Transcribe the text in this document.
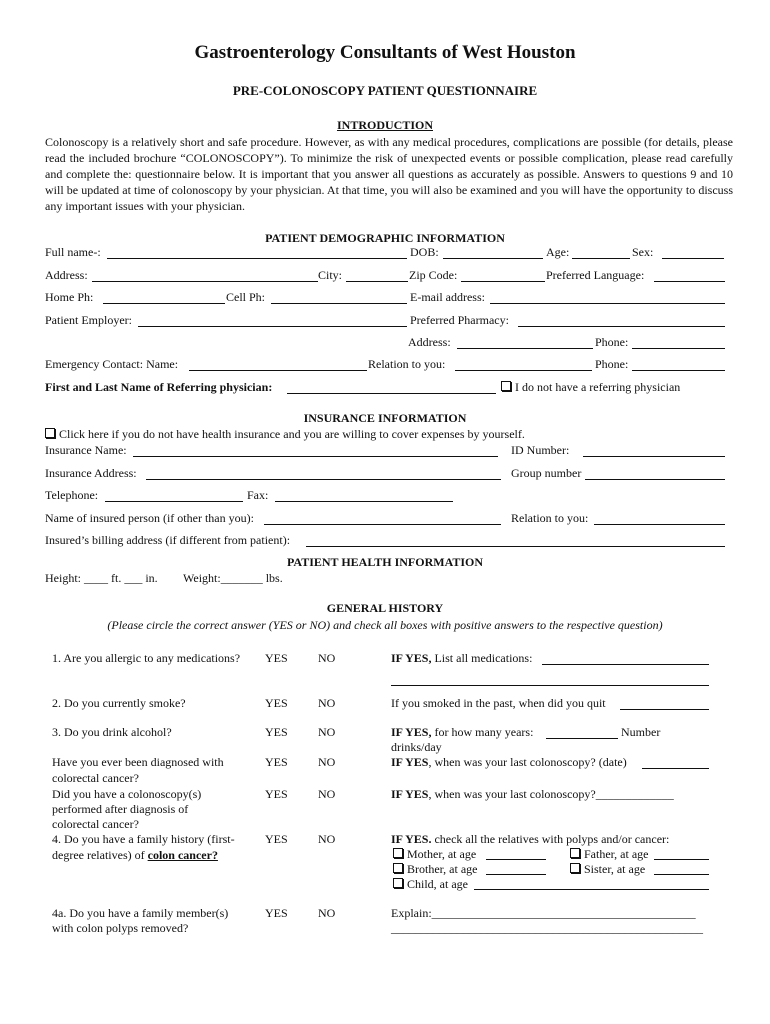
Gastroenterology Consultants of West Houston
PRE-COLONOSCOPY PATIENT QUESTIONNAIRE
INTRODUCTION
Colonoscopy is a relatively short and safe procedure. However, as with any medical procedures, complications are possible (for details, please read the included brochure “COLONOSCOPY”). To minimize the risk of unexpected events or possible complication, please read carefully and complete the: questionnaire below. It is important that you answer all questions as accurately as possible. Answers to questions 9 and 10 will be updated at time of colonoscopy by your physician. At that time, you will also be examined and you will have the opportunity to discuss any important issues with your physician.
PATIENT DEMOGRAPHIC INFORMATION
Full name-:	DOB:	Age:	Sex:
Address:	City:	Zip Code:	Preferred Language:
Home Ph:	Cell Ph:	E-mail address:
Patient Employer:	Preferred Pharmacy:
Address:	Phone:
Emergency Contact: Name:	Relation to you:	Phone:
First and Last Name of Referring physician:	I do not have a referring physician
INSURANCE INFORMATION
Click here if you do not have health insurance and you are willing to cover expenses by yourself.
Insurance Name:	ID Number:
Insurance Address:	Group number
Telephone:	Fax:
Name of insured person (if other than you):	Relation to you:
Insured’s billing address (if different from patient):
PATIENT HEALTH INFORMATION
Height: ____ ft. ___ in. Weight:_______ lbs.
GENERAL HISTORY
(Please circle the correct answer (YES or NO) and check all boxes with positive answers to the respective question)
1. Are you allergic to any medications? YES	NO	IF YES, List all medications:
2. Do you currently smoke?	YES	NO	If you smoked in the past, when did you quit
3. Do you drink alcohol?	YES	NO	IF YES, for how many years:	Number
drinks/day
Have you ever been diagnosed with
colorectal cancer?
YES	NO	IF YES, when was your last colonoscopy? (date)
Did you have a colonoscopy(s)
performed after diagnosis of
colorectal cancer?
YES	NO	IF YES, when was your last colonoscopy?_____________
4. Do you have a family history (first-
degree relatives) of colon cancer?
YES	NO	IF YES. check all the relatives with polyps and/or cancer:
Mother, at age	Father, at age
Brother, at age	Sister, at age
Child, at age
4a. Do you have a family member(s)
with colon polyps removed?
YES	NO	Explain:____________________________________________
____________________________________________________
